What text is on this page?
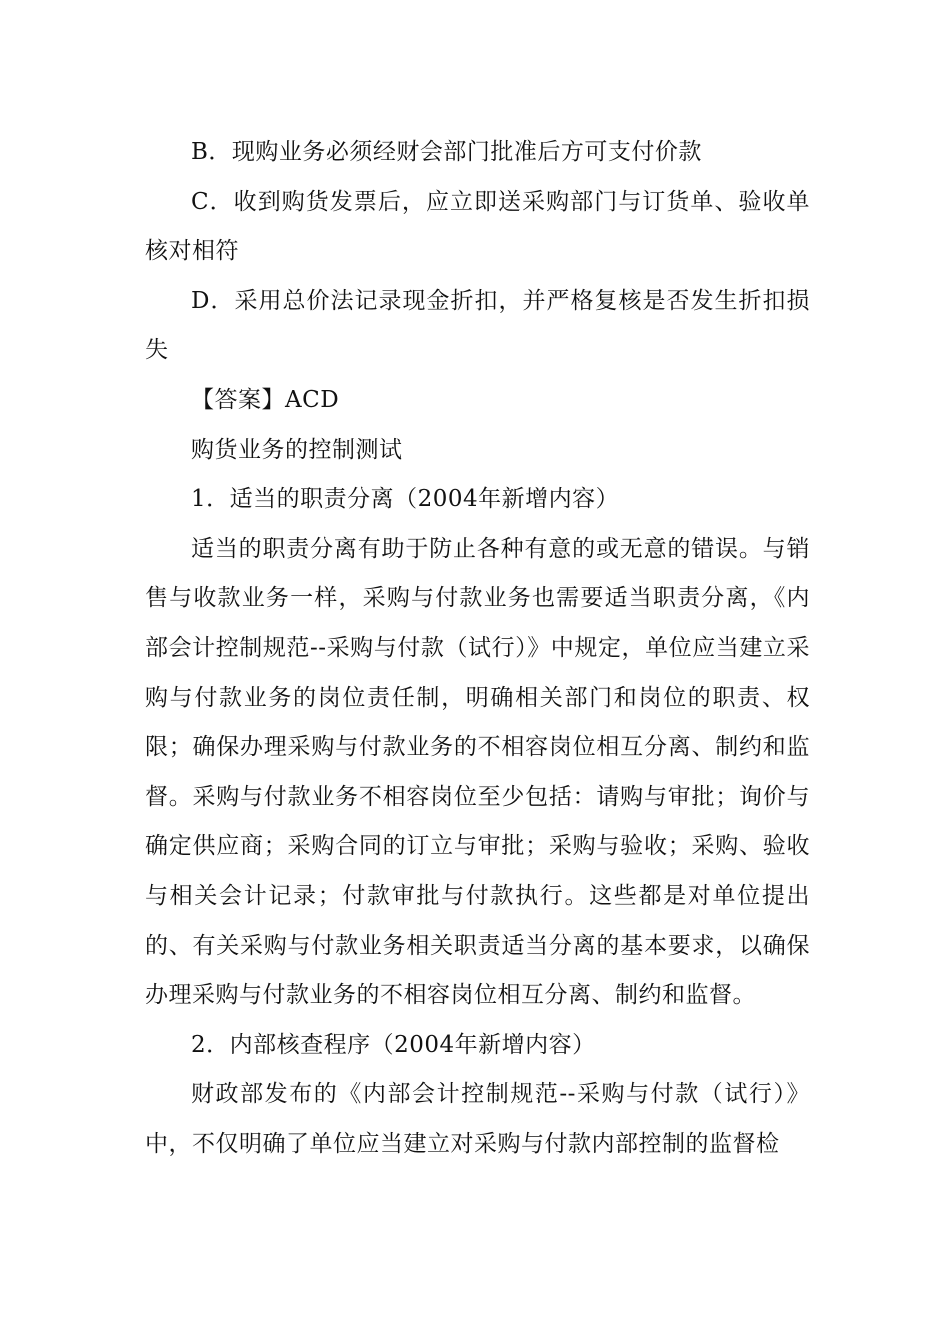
B．现购业务必须经财会部门批准后方可支付价款

C．收到购货发票后，应立即送采购部门与订货单、验收单核对相符

D．采用总价法记录现金折扣，并严格复核是否发生折扣损失

【答案】ACD

购货业务的控制测试

1．适当的职责分离（2004年新增内容）

适当的职责分离有助于防止各种有意的或无意的错误。与销售与收款业务一样，采购与付款业务也需要适当职责分离，《内部会计控制规范--采购与付款（试行）》中规定，单位应当建立采购与付款业务的岗位责任制，明确相关部门和岗位的职责、权限；确保办理采购与付款业务的不相容岗位相互分离、制约和监督。采购与付款业务不相容岗位至少包括：请购与审批；询价与确定供应商；采购合同的订立与审批；采购与验收；采购、验收与相关会计记录；付款审批与付款执行。这些都是对单位提出的、有关采购与付款业务相关职责适当分离的基本要求，以确保办理采购与付款业务的不相容岗位相互分离、制约和监督。

2．内部核查程序（2004年新增内容）

财政部发布的《内部会计控制规范--采购与付款（试行）》中，不仅明确了单位应当建立对采购与付款内部控制的监督检
